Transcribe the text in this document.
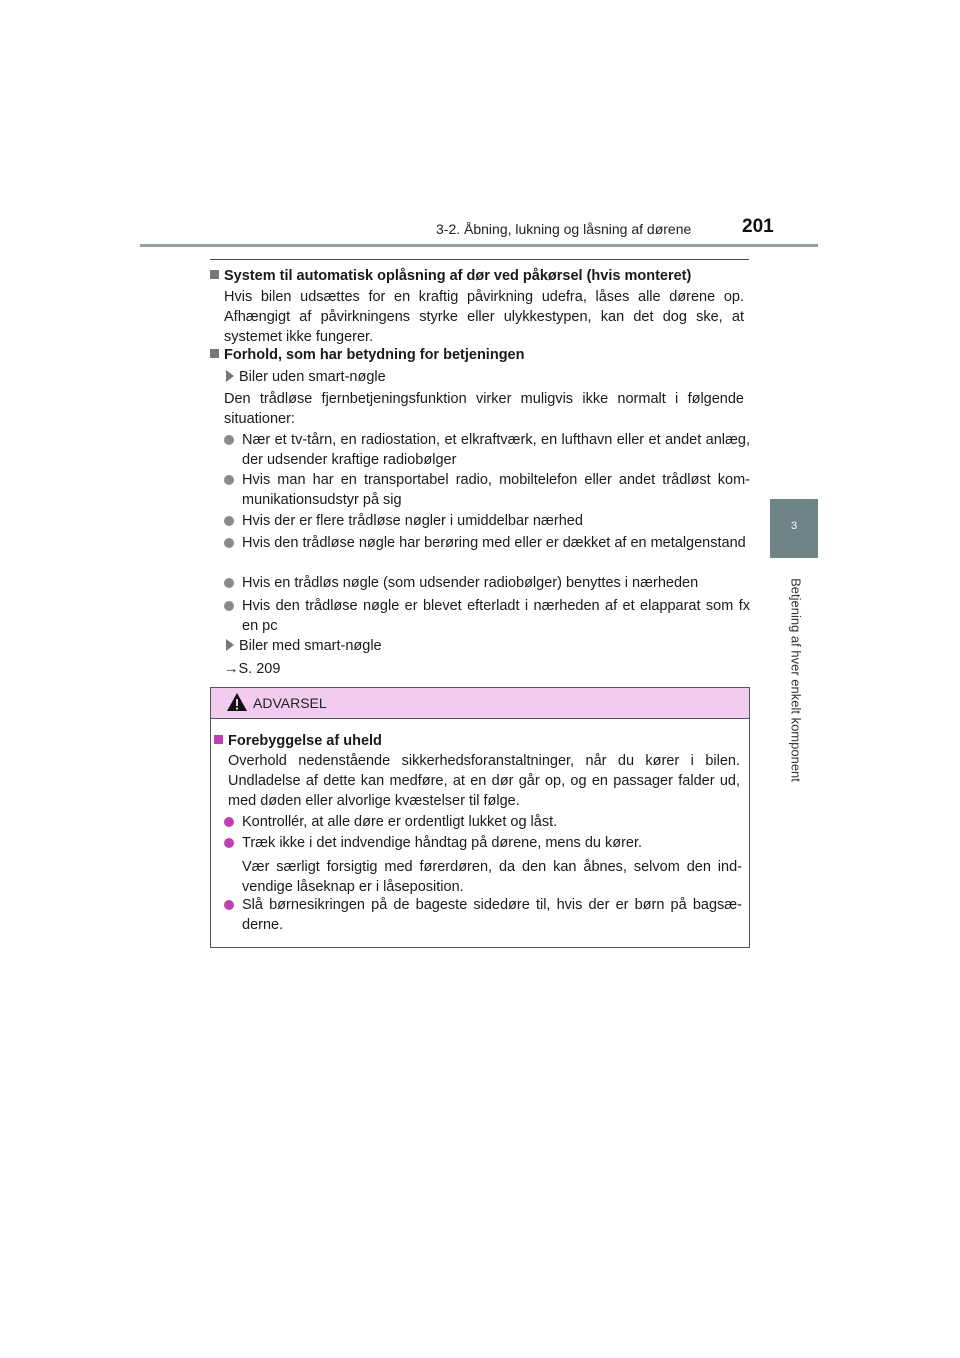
3-2. Åbning, lukning og låsning af dørene	201
3
Betjening af hver enkelt komponent
System til automatisk oplåsning af dør ved påkørsel (hvis monteret)
Hvis bilen udsættes for en kraftig påvirkning udefra, låses alle dørene op. Afhængigt af påvirkningens styrke eller ulykkestypen, kan det dog ske, at systemet ikke fungerer.
Forhold, som har betydning for betjeningen
Biler uden smart-nøgle
Den trådløse fjernbetjeningsfunktion virker muligvis ikke normalt i følgende situationer:
Nær et tv-tårn, en radiostation, et elkraftværk, en lufthavn eller et andet anlæg, der udsender kraftige radiobølger
Hvis man har en transportabel radio, mobiltelefon eller andet trådløst kommunikationsudstyr på sig
Hvis der er flere trådløse nøgler i umiddelbar nærhed
Hvis den trådløse nøgle har berøring med eller er dækket af en metalgenstand
Hvis en trådløs nøgle (som udsender radiobølger) benyttes i nærheden
Hvis den trådløse nøgle er blevet efterladt i nærheden af et elapparat som fx en pc
Biler med smart-nøgle
→S. 209
ADVARSEL
Forebyggelse af uheld
Overhold nedenstående sikkerhedsforanstaltninger, når du kører i bilen. Undladelse af dette kan medføre, at en dør går op, og en passager falder ud, med døden eller alvorlige kvæstelser til følge.
Kontrollér, at alle døre er ordentligt lukket og låst.
Træk ikke i det indvendige håndtag på dørene, mens du kører.
Vær særligt forsigtig med førerdøren, da den kan åbnes, selvom den indvendige låseknap er i låseposition.
Slå børnesikringen på de bageste sidedøre til, hvis der er børn på bagsæderne.
